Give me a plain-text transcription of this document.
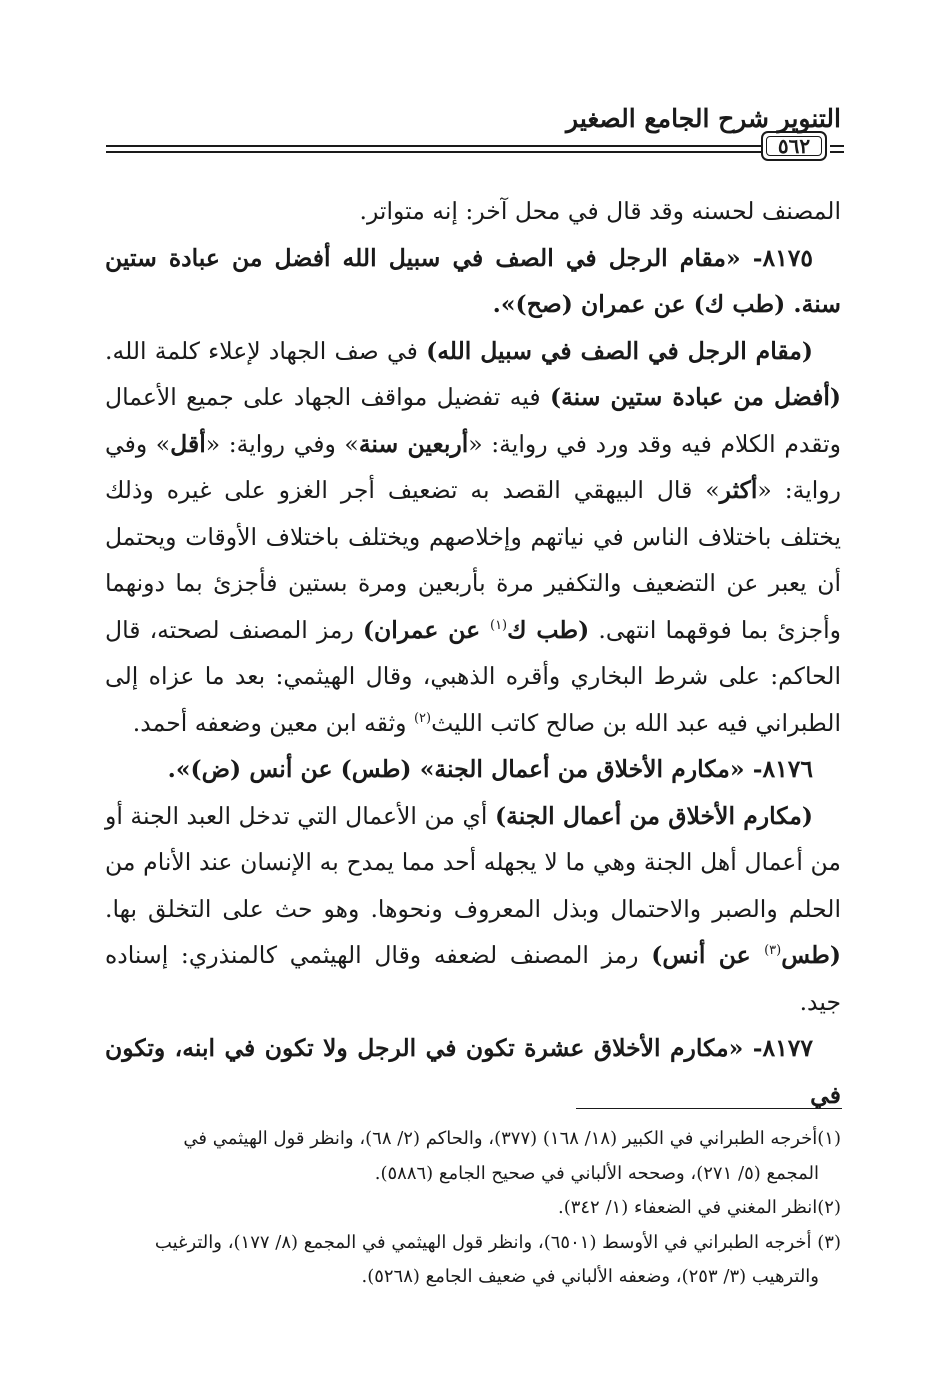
التنوير شرح الجامع الصغير
٥٦٢

المصنف لحسنه وقد قال في محل آخر: إنه متواتر.

٨١٧٥- «مقام الرجل في الصف في سبيل الله أفضل من عبادة ستين سنة. (طب ك) عن عمران (صح)».

(مقام الرجل في الصف في سبيل الله) في صف الجهاد لإعلاء كلمة الله. (أفضل من عبادة ستين سنة) فيه تفضيل مواقف الجهاد على جميع الأعمال وتقدم الكلام فيه وقد ورد في رواية: «أربعين سنة» وفي رواية: «أقل» وفي رواية: «أكثر» قال البيهقي القصد به تضعيف أجر الغزو على غيره وذلك يختلف باختلاف الناس في نياتهم وإخلاصهم ويختلف باختلاف الأوقات ويحتمل أن يعبر عن التضعيف والتكفير مرة بأربعين ومرة بستين فأجزئ بما دونهما وأجزئ بما فوقهما انتهى. (طب ك$^{(١)}$ عن عمران) رمز المصنف لصحته، قال الحاكم: على شرط البخاري وأقره الذهبي، وقال الهيثمي: بعد ما عزاه إلى الطبراني فيه عبد الله بن صالح كاتب الليث$^{(٢)}$ وثقه ابن معين وضعفه أحمد.

٨١٧٦- «مكارم الأخلاق من أعمال الجنة» (طس) عن أنس (ض)».

(مكارم الأخلاق من أعمال الجنة) أي من الأعمال التي تدخل العبد الجنة أو من أعمال أهل الجنة وهي ما لا يجهله أحد مما يمدح به الإنسان عند الأنام من الحلم والصبر والاحتمال وبذل المعروف ونحوها. وهو حث على التخلق بها. (طس$^{(٣)}$ عن أنس) رمز المصنف لضعفه وقال الهيثمي كالمنذري: إسناده جيد.

٨١٧٧- «مكارم الأخلاق عشرة تكون في الرجل ولا تكون في ابنه، وتكون في

(١)أخرجه الطبراني في الكبير (١٨/ ١٦٨) (٣٧٧)، والحاكم (٢/ ٦٨)، وانظر قول الهيثمي في

المجمع (٥/ ٢٧١)، وصححه الألباني في صحيح الجامع (٥٨٨٦).

(٢)انظر المغني في الضعفاء (١/ ٣٤٢).

(٣) أخرجه الطبراني في الأوسط (٦٥٠١)، وانظر قول الهيثمي في المجمع (٨/ ١٧٧)، والترغيب

والترهيب (٣/ ٢٥٣)، وضعفه الألباني في ضعيف الجامع (٥٢٦٨).
